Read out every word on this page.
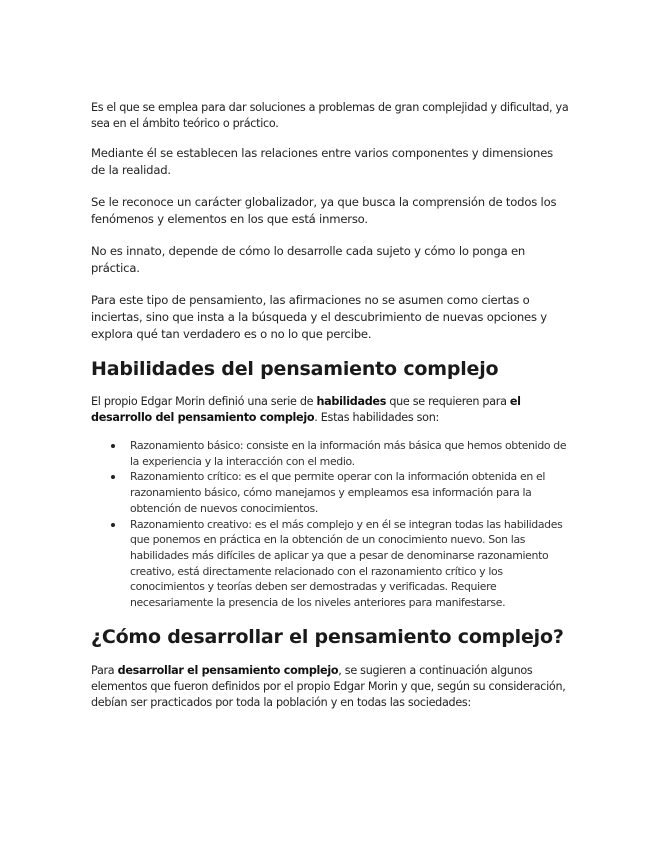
Es el que se emplea para dar soluciones a problemas de gran complejidad y dificultad, ya sea en el ámbito teórico o práctico.

Mediante él se establecen las relaciones entre varios componentes y dimensiones de la realidad.

Se le reconoce un carácter globalizador, ya que busca la comprensión de todos los fenómenos y elementos en los que está inmerso.

No es innato, depende de cómo lo desarrolle cada sujeto y cómo lo ponga en práctica.

Para este tipo de pensamiento, las afirmaciones no se asumen como ciertas o inciertas, sino que insta a la búsqueda y el descubrimiento de nuevas opciones y explora qué tan verdadero es o no lo que percibe.

Habilidades del pensamiento complejo

El propio Edgar Morin definió una serie de habilidades que se requieren para el desarrollo del pensamiento complejo. Estas habilidades son:

Razonamiento básico: consiste en la información más básica que hemos obtenido de la experiencia y la interacción con el medio.
Razonamiento crítico: es el que permite operar con la información obtenida en el razonamiento básico, cómo manejamos y empleamos esa información para la obtención de nuevos conocimientos.
Razonamiento creativo: es el más complejo y en él se integran todas las habilidades que ponemos en práctica en la obtención de un conocimiento nuevo. Son las habilidades más difíciles de aplicar ya que a pesar de denominarse razonamiento creativo, está directamente relacionado con el razonamiento crítico y los conocimientos y teorías deben ser demostradas y verificadas. Requiere necesariamente la presencia de los niveles anteriores para manifestarse.
¿Cómo desarrollar el pensamiento complejo?

Para desarrollar el pensamiento complejo, se sugieren a continuación algunos elementos que fueron definidos por el propio Edgar Morin y que, según su consideración, debían ser practicados por toda la población y en todas las sociedades:
